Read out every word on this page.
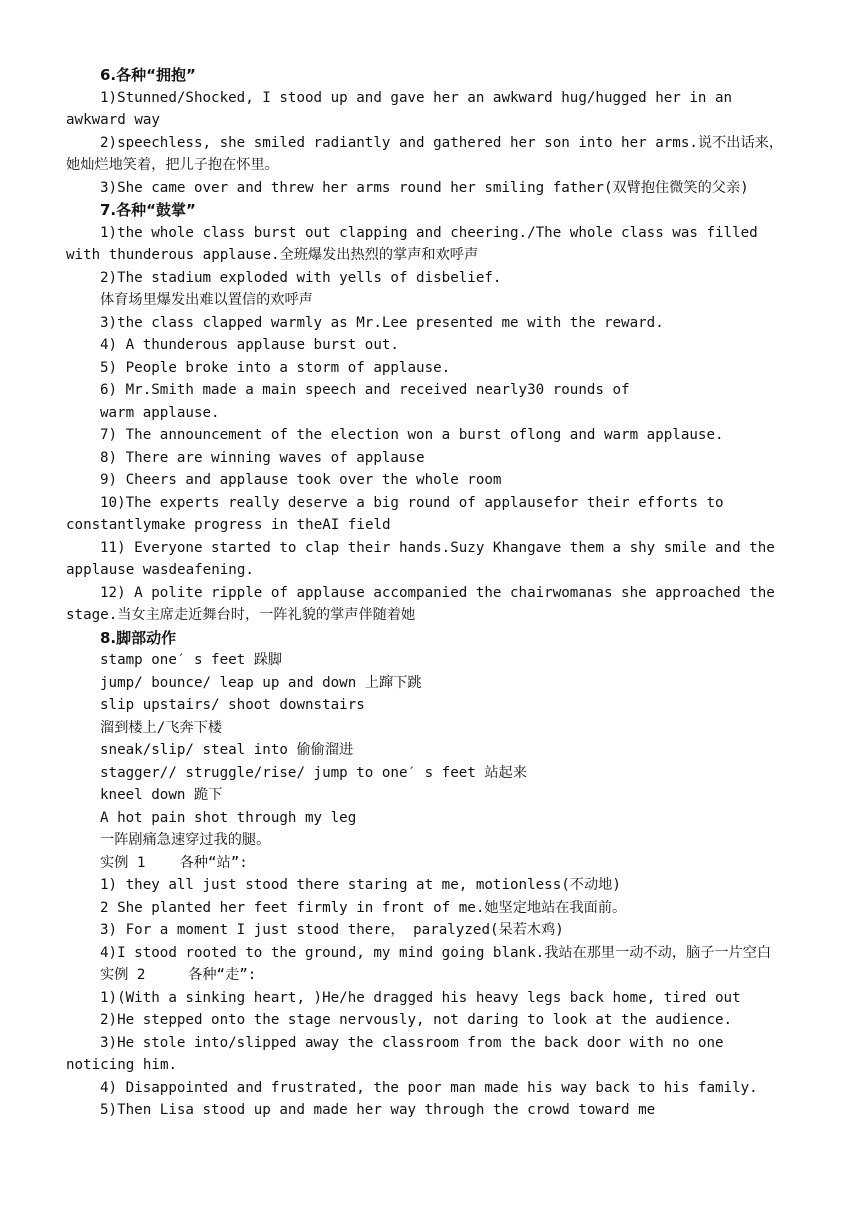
6.各种“拥抱”
1)Stunned/Shocked, I stood up and gave her an awkward hug/hugged her in an awkward way
2)speechless, she smiled radiantly and gathered her son into her arms.说不出话来，她灿烂地笑着，把儿子抱在怀里。
3)She came over and threw her arms round her smiling father(双臂抱住微笑的父亲)
7.各种“鼓掌”
1)the whole class burst out clapping and cheering./The whole class was filled with thunderous applause.全班爆发出热烈的掌声和欢呼声
2)The stadium exploded with yells of disbelief.
体育场里爆发出难以置信的欢呼声
3)the class clapped warmly as Mr.Lee presented me with the reward.
4) A thunderous applause burst out.
5) People broke into a storm of applause.
6) Mr.Smith made a main speech and received nearly30 rounds of
warm applause.
7) The announcement of the election won a burst oflong and warm applause.
8) There are winning waves of applause
9) Cheers and applause took over the whole room
10)The experts really deserve a big round of applausefor their efforts to constantlymake progress in theAI field
11) Everyone started to clap their hands.Suzy Khangave them a shy smile and the applause wasdeafening.
12) A polite ripple of applause accompanied the chairwomanas she approached the stage.当女主席走近舞台时，一阵礼貌的掌声伴随着她
8.脚部动作
stamp one′ s feet 跺脚
jump/ bounce/ leap up and down 上蹿下跳
slip upstairs/ shoot downstairs
溜到楼上/飞奔下楼
sneak/slip/ steal into 偷偷溜进
stagger// struggle/rise/ jump to one′ s feet 站起来
kneel down 跪下
A hot pain shot through my leg
一阵剧痛急速穿过我的腿。
实例 1    各种“站”:
1) they all just stood there staring at me, motionless(不动地)
2 She planted her feet firmly in front of me.她坚定地站在我面前。
3) For a moment I just stood there， paralyzed(呆若木鸡)
4)I stood rooted to the ground, my mind going blank.我站在那里一动不动，脑子一片空白
实例 2     各种“走”:
1)(With a sinking heart, )He/he dragged his heavy legs back home, tired out
2)He stepped onto the stage nervously, not daring to look at the audience.
3)He stole into/slipped away the classroom from the back door with no one noticing him.
4) Disappointed and frustrated, the poor man made his way back to his family.
5)Then Lisa stood up and made her way through the crowd toward me
